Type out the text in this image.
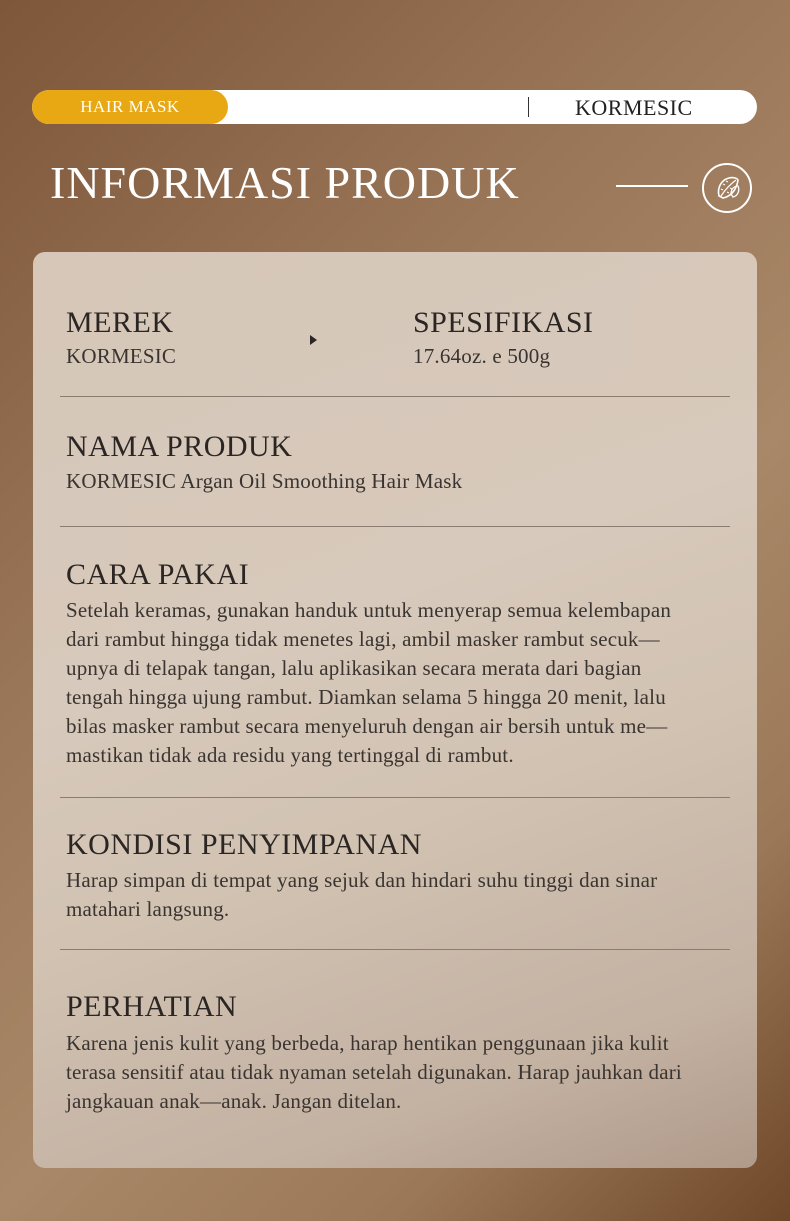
HAIR MASK	KORMESIC
INFORMASI PRODUK
MEREK

KORMESIC

SPESIFIKASI

17.64oz. e 500g

NAMA PRODUK

KORMESIC Argan Oil Smoothing Hair Mask

CARA PAKAI
Setelah keramas, gunakan handuk untuk menyerap semua kelembapan
dari rambut hingga tidak menetes lagi, ambil masker rambut secuk—
upnya di telapak tangan, lalu aplikasikan secara merata dari bagian
tengah hingga ujung rambut. Diamkan selama 5 hingga 20 menit, lalu
bilas masker rambut secara menyeluruh dengan air bersih untuk me—
mastikan tidak ada residu yang tertinggal di rambut.
KONDISI PENYIMPANAN
Harap simpan di tempat yang sejuk dan hindari suhu tinggi dan sinar
matahari langsung.
PERHATIAN
Karena jenis kulit yang berbeda, harap hentikan penggunaan jika kulit
terasa sensitif atau tidak nyaman setelah digunakan. Harap jauhkan dari
jangkauan anak—anak. Jangan ditelan.
